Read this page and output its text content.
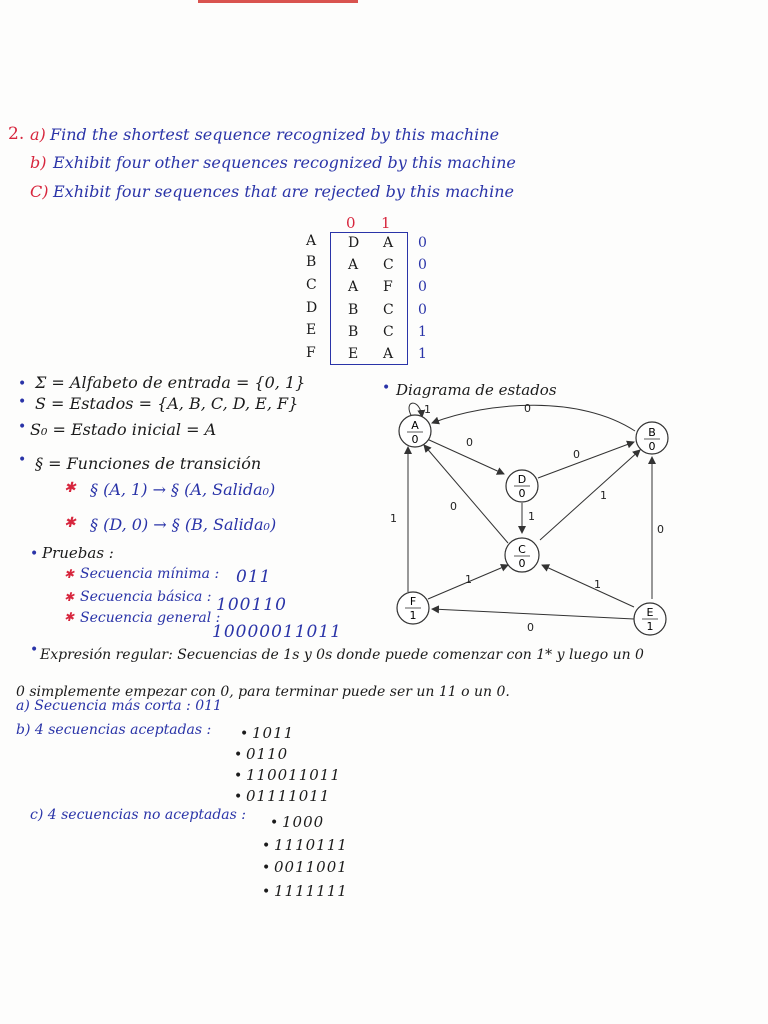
2. a) Find the shortest sequence recognized by this machine
b) Exhibit four other sequences recognized by this machine
C) Exhibit four sequences that are rejected by this machine
0 1
A D A 0
B A C 0
C A F 0
D B C 0
E B C 1
F E A 1
• Σ = Alfabeto de entrada = {0, 1}
• S = Estados = {A, B, C, D, E, F}
• S₀ = Estado inicial = A
• § = Funciones de transición
✱ § (A, 1) → § (A, Salida₀)
✱ § (D, 0) → § (B, Salida₀)
• Pruebas :
✱ Secuencia mínima : 011
✱ Secuencia básica : 100110
✱ Secuencia general :
10000011011
• Diagrama de estados
A
0
B
0
C
0
D
0
E
1
F
1
1	0
0
0
0
1
0
1
1	1
0
1
• Expresión regular: Secuencias de 1s y 0s donde puede comenzar con 1* y luego un 0
0 simplemente empezar con 0, para terminar puede ser un 11 o un 0.
a) Secuencia más corta : 011
b) 4 secuencias aceptadas : • 1011
• 0110
• 110011011
• 01111011
c) 4 secuencias no aceptadas : • 1000
• 1110111
• 0011001
• 1111111
